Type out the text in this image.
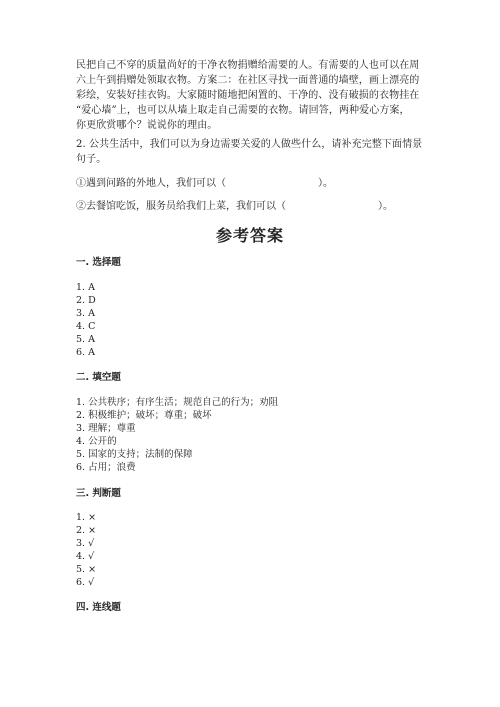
民把自己不穿的质量尚好的干净衣物捐赠给需要的人。有需要的人也可以在周
六上午到捐赠处领取衣物。方案二：在社区寻找一面普通的墙壁，画上漂亮的
彩绘，安装好挂衣钩。大家随时随地把闲置的、干净的、没有破损的衣物挂在
“爱心墙”上，也可以从墙上取走自己需要的衣物。请回答，两种爱心方案，
你更欣赏哪个？说说你的理由。
2. 公共生活中，我们可以为身边需要关爱的人做些什么，请补充完整下面情景
句子。
①遇到问路的外地人，我们可以（	）。
②去餐馆吃饭，服务员给我们上菜，我们可以（	）。
参考答案
一. 选择题
1. A
2. D
3. A
4. C
5. A
6. A
二. 填空题
1. 公共秩序；有序生活；规范自己的行为；劝阻
2. 积极维护；破坏；尊重；破坏
3. 理解；尊重
4. 公开的
5. 国家的支持；法制的保障
6. 占用；浪费
三. 判断题
1. ×
2. ×
3. √
4. √
5. ×
6. √
四. 连线题
